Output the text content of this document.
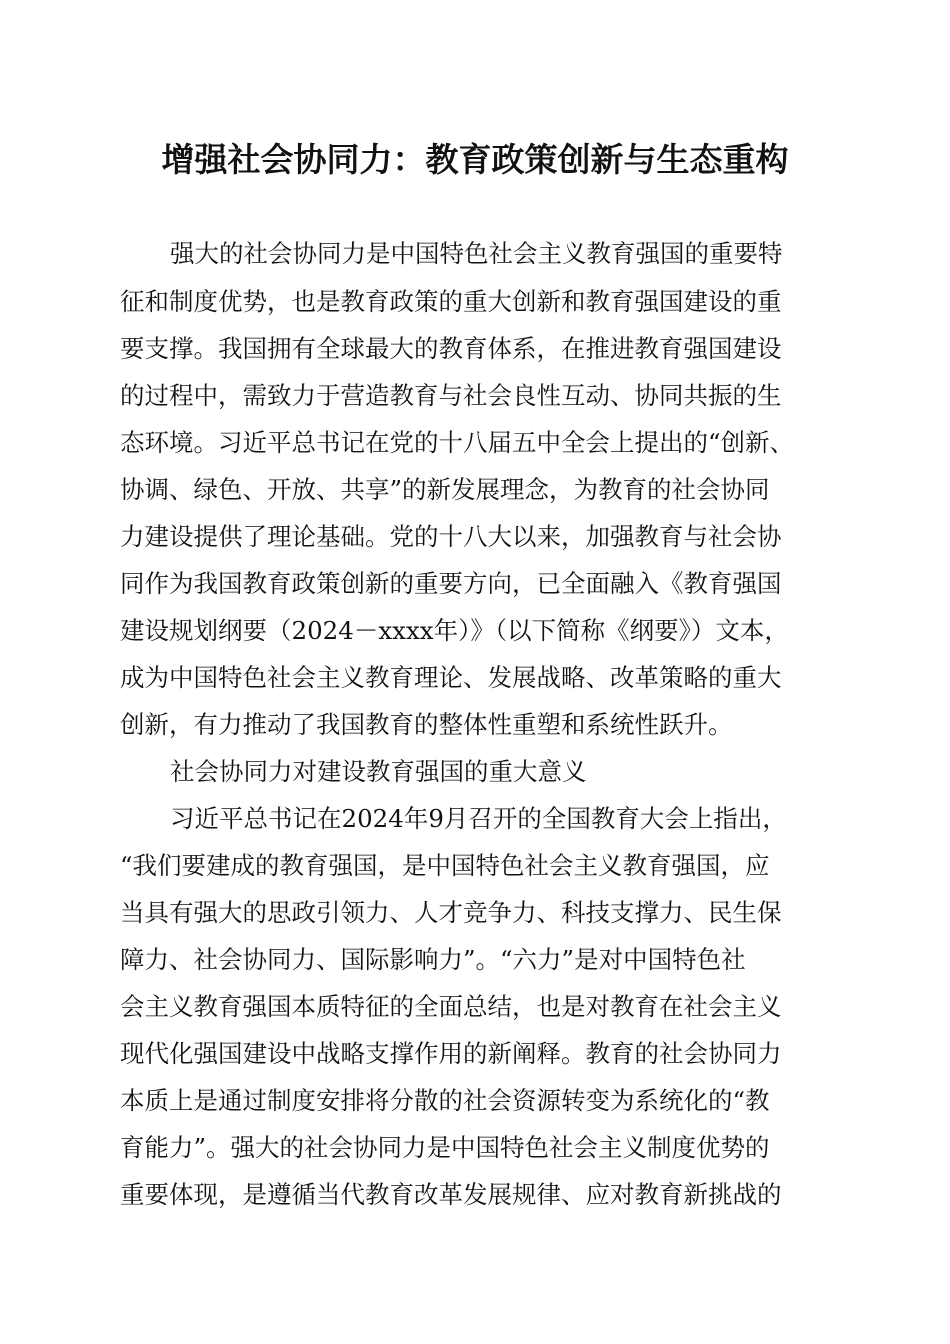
增强社会协同力：教育政策创新与生态重构
强大的社会协同力是中国特色社会主义教育强国的重要特
征和制度优势，也是教育政策的重大创新和教育强国建设的重
要支撑。我国拥有全球最大的教育体系，在推进教育强国建设
的过程中，需致力于营造教育与社会良性互动、协同共振的生
态环境。习近平总书记在党的十八届五中全会上提出的“创新、
协调、绿色、开放、共享”的新发展理念，为教育的社会协同
力建设提供了理论基础。党的十八大以来，加强教育与社会协
同作为我国教育政策创新的重要方向，已全面融入《教育强国
建设规划纲要（2024－xxxx年）》（以下简称《纲要》）文本，
成为中国特色社会主义教育理论、发展战略、改革策略的重大
创新，有力推动了我国教育的整体性重塑和系统性跃升。
社会协同力对建设教育强国的重大意义
习近平总书记在2024年9月召开的全国教育大会上指出，
“我们要建成的教育强国，是中国特色社会主义教育强国，应
当具有强大的思政引领力、人才竞争力、科技支撑力、民生保
障力、社会协同力、国际影响力”。“六力”是对中国特色社
会主义教育强国本质特征的全面总结，也是对教育在社会主义
现代化强国建设中战略支撑作用的新阐释。教育的社会协同力
本质上是通过制度安排将分散的社会资源转变为系统化的“教
育能力”。强大的社会协同力是中国特色社会主义制度优势的
重要体现，是遵循当代教育改革发展规律、应对教育新挑战的
